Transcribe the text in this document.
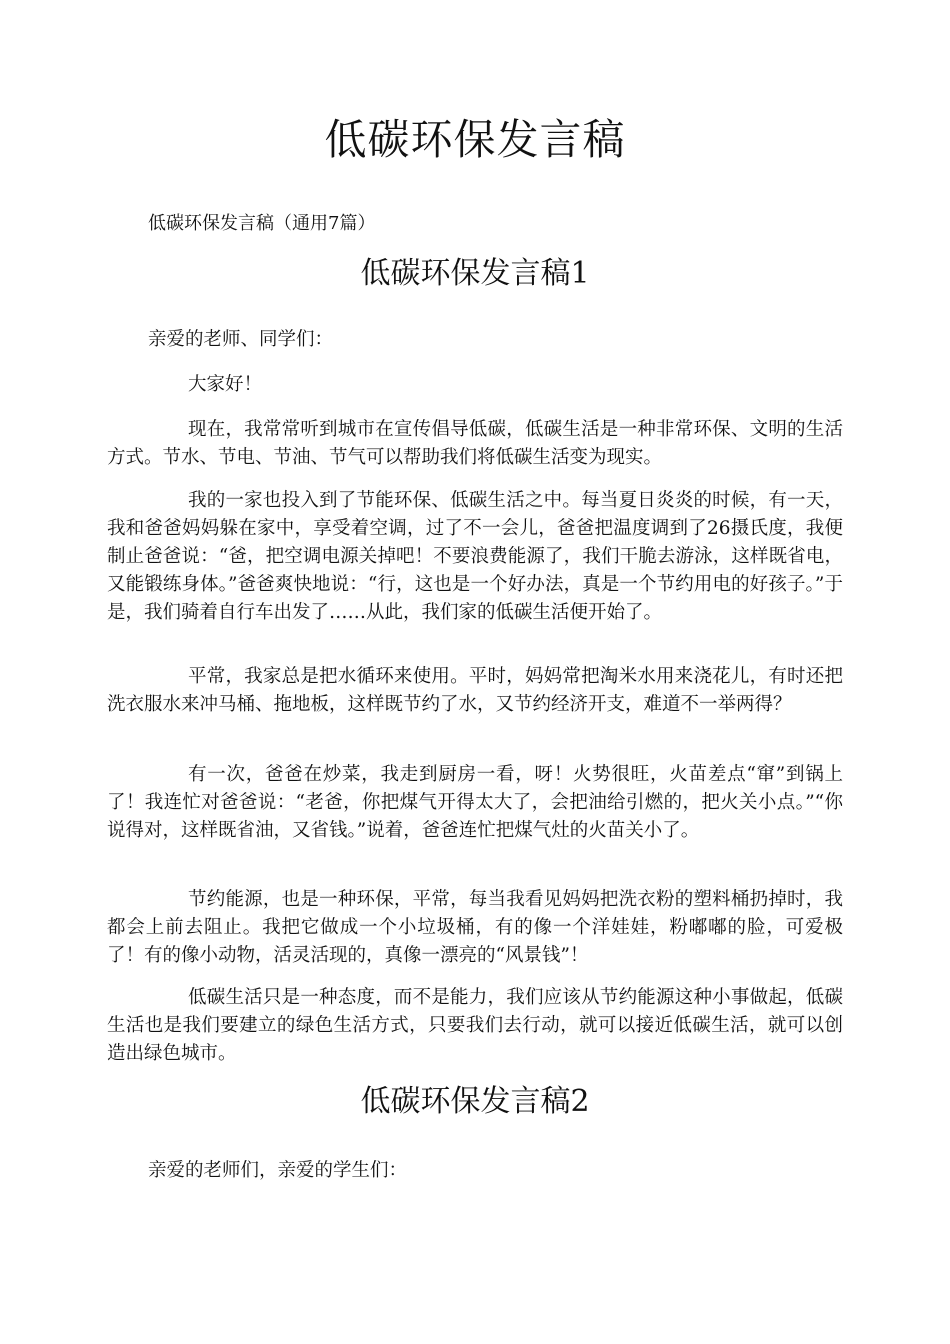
低碳环保发言稿

低碳环保发言稿（通用7篇）

低碳环保发言稿1

亲爱的老师、同学们：

大家好！

现在，我常常听到城市在宣传倡导低碳，低碳生活是一种非常环保、文明的生活方式。节水、节电、节油、节气可以帮助我们将低碳生活变为现实。

我的一家也投入到了节能环保、低碳生活之中。每当夏日炎炎的时候，有一天，我和爸爸妈妈躲在家中，享受着空调，过了不一会儿，爸爸把温度调到了26摄氏度，我便制止爸爸说：“爸，把空调电源关掉吧！不要浪费能源了，我们干脆去游泳，这样既省电，又能锻练身体。”爸爸爽快地说：“行，这也是一个好办法，真是一个节约用电的好孩子。”于是，我们骑着自行车出发了……从此，我们家的低碳生活便开始了。

平常，我家总是把水循环来使用。平时，妈妈常把淘米水用来浇花儿，有时还把洗衣服水来冲马桶、拖地板，这样既节约了水，又节约经济开支，难道不一举两得？

有一次，爸爸在炒菜，我走到厨房一看，呀！火势很旺，火苗差点“窜”到锅上了！我连忙对爸爸说：“老爸，你把煤气开得太大了，会把油给引燃的，把火关小点。”“你说得对，这样既省油，又省钱。”说着，爸爸连忙把煤气灶的火苗关小了。

节约能源，也是一种环保，平常，每当我看见妈妈把洗衣粉的塑料桶扔掉时，我都会上前去阻止。我把它做成一个小垃圾桶，有的像一个洋娃娃，粉嘟嘟的脸，可爱极了！有的像小动物，活灵活现的，真像一漂亮的“风景钱”！

低碳生活只是一种态度，而不是能力，我们应该从节约能源这种小事做起，低碳生活也是我们要建立的绿色生活方式，只要我们去行动，就可以接近低碳生活，就可以创造出绿色城市。

低碳环保发言稿2

亲爱的老师们，亲爱的学生们：
